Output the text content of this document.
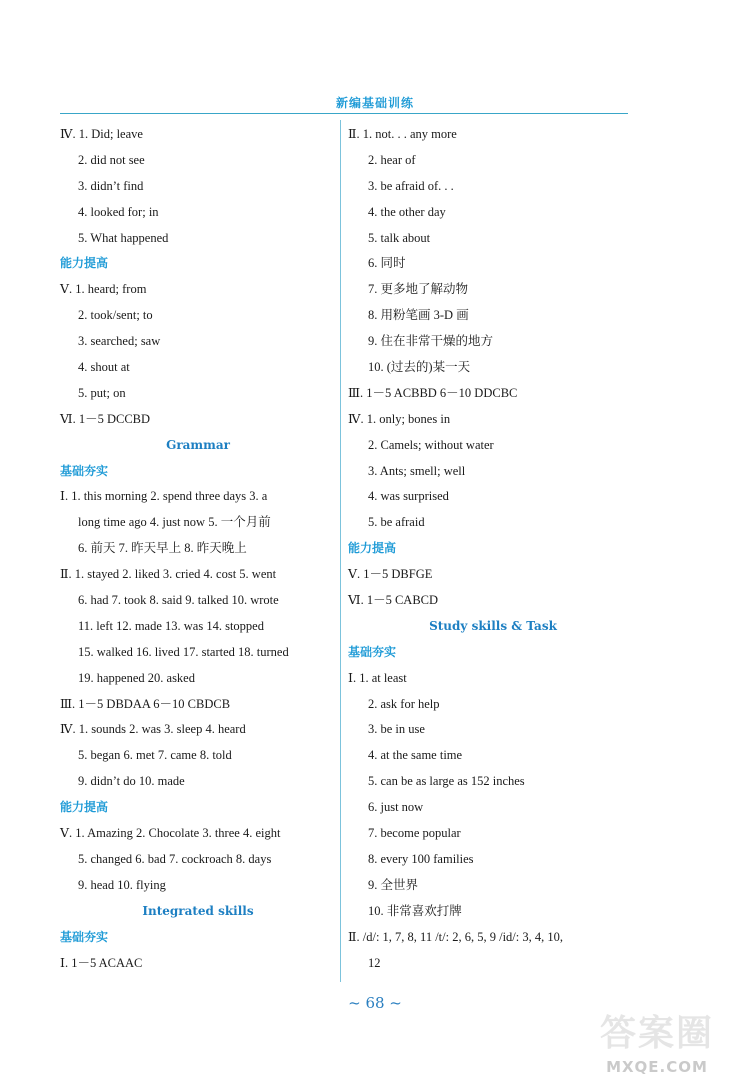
新编基础训练
Ⅳ. 1. Did; leave
2. did not see
3. didn’t find
4. looked for; in
5. What happened
能力提高
Ⅴ. 1. heard; from
2. took/sent; to
3. searched; saw
4. shout at
5. put; on
Ⅵ. 1－5 DCCBD
Grammar
基础夯实
Ⅰ. 1. this morning 2. spend three days 3. a
long time ago 4. just now 5. 一个月前
6. 前天 7. 昨天早上 8. 昨天晚上
Ⅱ. 1. stayed 2. liked 3. cried 4. cost 5. went
6. had 7. took 8. said 9. talked 10. wrote
11. left 12. made 13. was 14. stopped
15. walked 16. lived 17. started 18. turned
19. happened 20. asked
Ⅲ. 1－5 DBDAA 6－10 CBDCB
Ⅳ. 1. sounds 2. was 3. sleep 4. heard
5. began 6. met 7. came 8. told
9. didn’t do 10. made
能力提高
Ⅴ. 1. Amazing 2. Chocolate 3. three 4. eight
5. changed 6. bad 7. cockroach 8. days
9. head 10. flying
Integrated skills
基础夯实
Ⅰ. 1－5 ACAAC
Ⅱ. 1. not. . . any more
2. hear of
3. be afraid of. . .
4. the other day
5. talk about
6. 同时
7. 更多地了解动物
8. 用粉笔画 3-D 画
9. 住在非常干燥的地方
10. (过去的)某一天
Ⅲ. 1－5 ACBBD 6－10 DDCBC
Ⅳ. 1. only; bones in
2. Camels; without water
3. Ants; smell; well
4. was surprised
5. be afraid
能力提高
Ⅴ. 1－5 DBFGE
Ⅵ. 1－5 CABCD
Study skills & Task
基础夯实
Ⅰ. 1. at least
2. ask for help
3. be in use
4. at the same time
5. can be as large as 152 inches
6. just now
7. become popular
8. every 100 families
9. 全世界
10. 非常喜欢打牌
Ⅱ. /d/: 1, 7, 8, 11 /t/: 2, 6, 5, 9 /id/: 3, 4, 10,
12
~ 68 ~
答案圈
MXQE.COM
